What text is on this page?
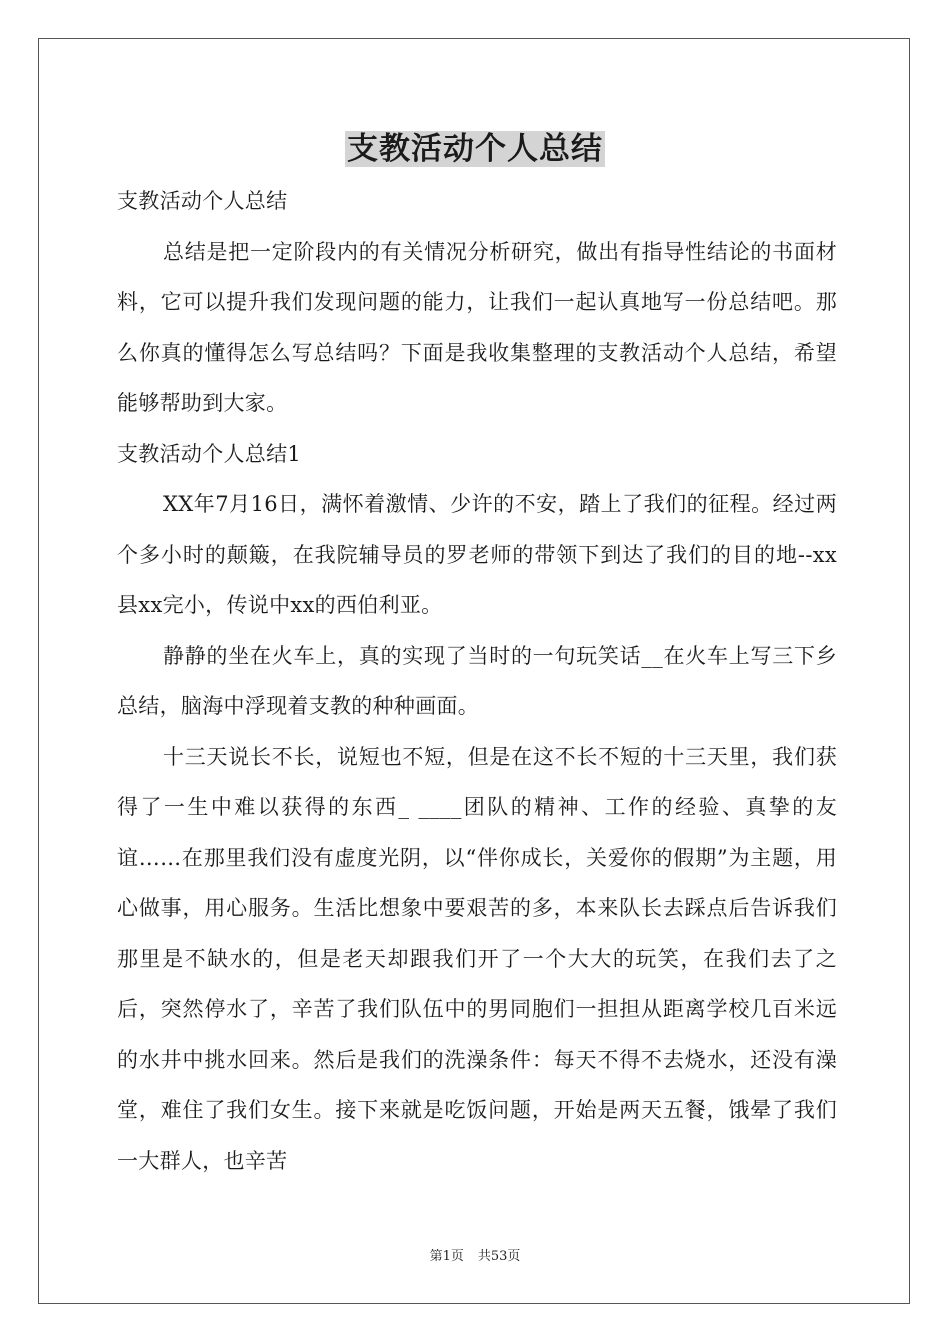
支教活动个人总结

支教活动个人总结

总结是把一定阶段内的有关情况分析研究，做出有指导性结论的书面材料，它可以提升我们发现问题的能力，让我们一起认真地写一份总结吧。那么你真的懂得怎么写总结吗？下面是我收集整理的支教活动个人总结，希望能够帮助到大家。

支教活动个人总结1

XX年7月16日，满怀着激情、少许的不安，踏上了我们的征程。经过两个多小时的颠簸，在我院辅导员的罗老师的带领下到达了我们的目的地--xx县xx完小，传说中xx的西伯利亚。

静静的坐在火车上，真的实现了当时的一句玩笑话__在火车上写三下乡总结，脑海中浮现着支教的种种画面。

十三天说长不长，说短也不短，但是在这不长不短的十三天里，我们获得了一生中难以获得的东西_ ____团队的精神、工作的经验、真挚的友谊……在那里我们没有虚度光阴，以“伴你成长，关爱你的假期”为主题，用心做事，用心服务。生活比想象中要艰苦的多，本来队长去踩点后告诉我们那里是不缺水的，但是老天却跟我们开了一个大大的玩笑，在我们去了之后，突然停水了，辛苦了我们队伍中的男同胞们一担担从距离学校几百米远的水井中挑水回来。然后是我们的洗澡条件：每天不得不去烧水，还没有澡堂，难住了我们女生。接下来就是吃饭问题，开始是两天五餐，饿晕了我们一大群人，也辛苦

第1页 共53页
